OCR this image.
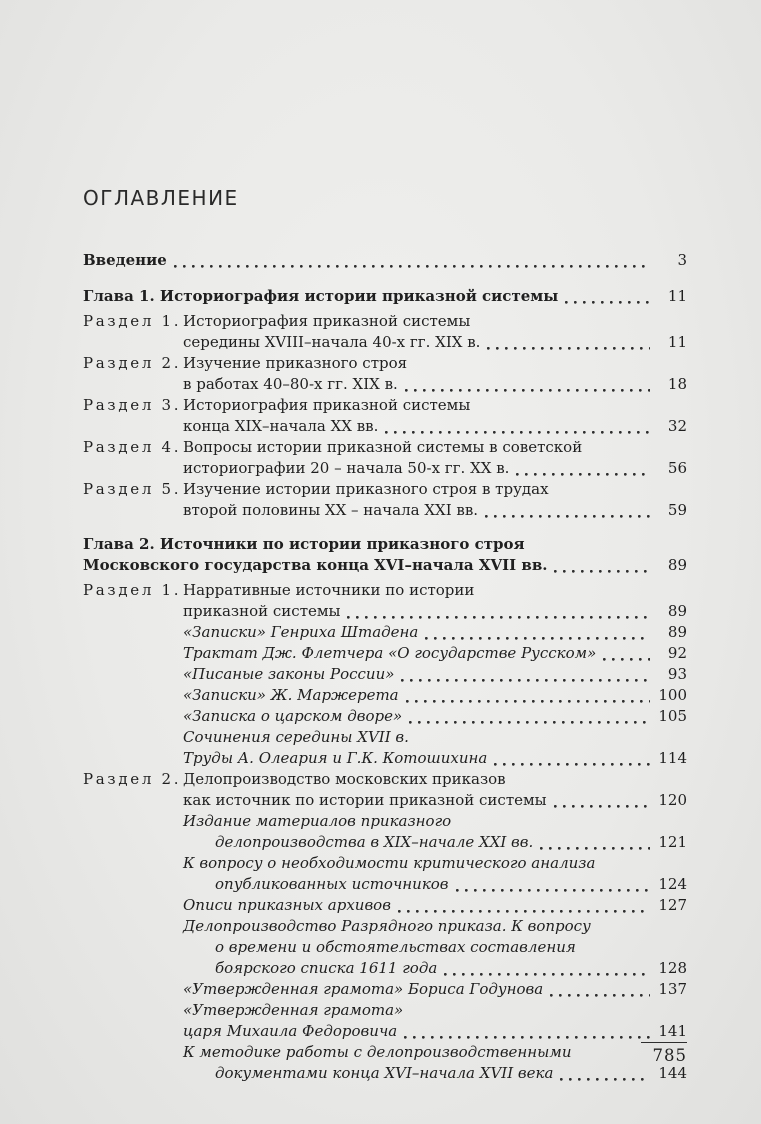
ОГЛАВЛЕНИЕ
Введение	3
Глава 1. Историография истории приказной системы	11
Раздел 1. Историография приказной системы
середины XVIII–начала 40-х гг. XIX в.	11
Раздел 2. Изучение приказного строя
в работах 40–80-х гг. XIX в.	18
Раздел 3. Историография приказной системы
конца XIX–начала XX вв.	32
Раздел 4. Вопросы истории приказной системы в советской
историографии 20 – начала 50-х гг. XX в.	56
Раздел 5. Изучение истории приказного строя в трудах
второй половины XX – начала XXI вв.	59
Глава 2. Источники по истории приказного строя
Московского государства конца XVI–начала XVII вв.	89
Раздел 1. Нарративные источники по истории
приказной системы	89
«Записки» Генриха Штадена	89
Трактат Дж. Флетчера «О государстве Русском»	92
«Писаные законы России»	93
«Записки» Ж. Маржерета	100
«Записка о царском дворе»	105
Сочинения середины XVII в.
Труды А. Олеария и Г.К. Котошихина	114
Раздел 2. Делопроизводство московских приказов
как источник по истории приказной системы	120
Издание материалов приказного
делопроизводства в XIX–начале XXI вв.	121
К вопросу о необходимости критического анализа
опубликованных источников	124
Описи приказных архивов	127
Делопроизводство Разрядного приказа. К вопросу
о времени и обстоятельствах составления
боярского списка 1611 года	128
«Утвержденная грамота» Бориса Годунова	137
«Утвержденная грамота»
царя Михаила Федоровича	141
К методике работы с делопроизводственными
документами конца XVI–начала XVII века	144
785
